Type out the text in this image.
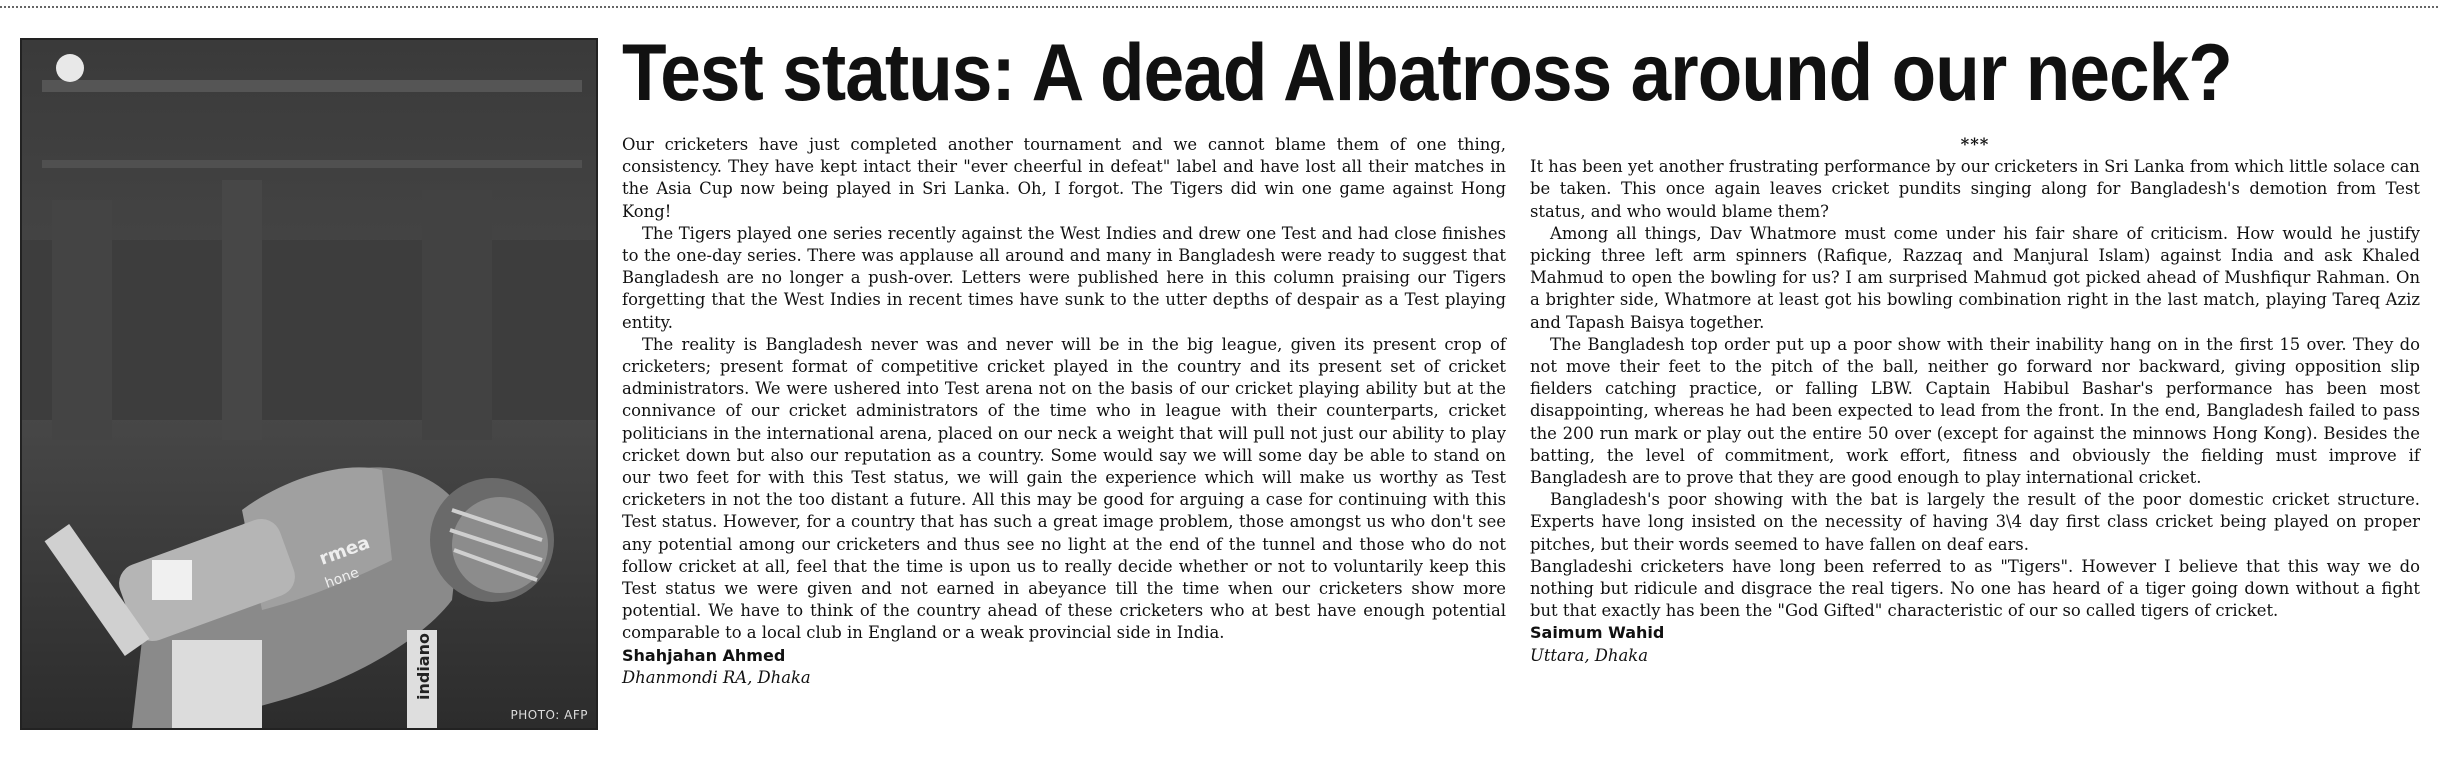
indiano
rmea
hone
PHOTO: AFP
Test status: A dead Albatross around our neck?

Our cricketers have just completed another tournament and we cannot blame them of one thing, consistency. They have kept intact their "ever cheerful in defeat" label and have lost all their matches in the Asia Cup now being played in Sri Lanka. Oh, I forgot. The Tigers did win one game against Hong Kong!

The Tigers played one series recently against the West Indies and drew one Test and had close finishes to the one-day series. There was applause all around and many in Bangladesh were ready to suggest that Bangladesh are no longer a push-over. Letters were published here in this column praising our Tigers forgetting that the West Indies in recent times have sunk to the utter depths of despair as a Test playing entity.

The reality is Bangladesh never was and never will be in the big league, given its present crop of cricketers; present format of competitive cricket played in the country and its present set of cricket administrators. We were ushered into Test arena not on the basis of our cricket playing ability but at the connivance of our cricket administrators of the time who in league with their counterparts, cricket politicians in the international arena, placed on our neck a weight that will pull not just our ability to play cricket down but also our reputation as a country. Some would say we will some day be able to stand on our two feet for with this Test status, we will gain the experience which will make us worthy as Test cricketers in not the too distant a future. All this may be good for arguing a case for continuing with this Test status. However, for a country that has such a great image problem, those amongst us who don't see any potential among our cricketers and thus see no light at the end of the tunnel and those who do not follow cricket at all, feel that the time is upon us to really decide whether or not to voluntarily keep this Test status we were given and not earned in abeyance till the time when our cricketers show more potential. We have to think of the country ahead of these cricketers who at best have enough potential comparable to a local club in England or a weak provincial side in India.

Shahjahan Ahmed

Dhanmondi RA, Dhaka

***

It has been yet another frustrating performance by our cricketers in Sri Lanka from which little solace can be taken. This once again leaves cricket pundits singing along for Bangladesh's demotion from Test status, and who would blame them?

Among all things, Dav Whatmore must come under his fair share of criticism. How would he justify picking three left arm spinners (Rafique, Razzaq and Manjural Islam) against India and ask Khaled Mahmud to open the bowling for us? I am surprised Mahmud got picked ahead of Mushfiqur Rahman. On a brighter side, Whatmore at least got his bowling combination right in the last match, playing Tareq Aziz and Tapash Baisya together.

The Bangladesh top order put up a poor show with their inability hang on in the first 15 over. They do not move their feet to the pitch of the ball, neither go forward nor backward, giving opposition slip fielders catching practice, or falling LBW. Captain Habibul Bashar's performance has been most disappointing, whereas he had been expected to lead from the front. In the end, Bangladesh failed to pass the 200 run mark or play out the entire 50 over (except for against the minnows Hong Kong). Besides the batting, the level of commitment, work effort, fitness and obviously the fielding must improve if Bangladesh are to prove that they are good enough to play international cricket.

Bangladesh's poor showing with the bat is largely the result of the poor domestic cricket structure. Experts have long insisted on the necessity of having 3\4 day first class cricket being played on proper pitches, but their words seemed to have fallen on deaf ears.

Bangladeshi cricketers have long been referred to as "Tigers". However I believe that this way we do nothing but ridicule and disgrace the real tigers. No one has heard of a tiger going down without a fight but that exactly has been the "God Gifted" characteristic of our so called tigers of cricket.

Saimum Wahid

Uttara, Dhaka
